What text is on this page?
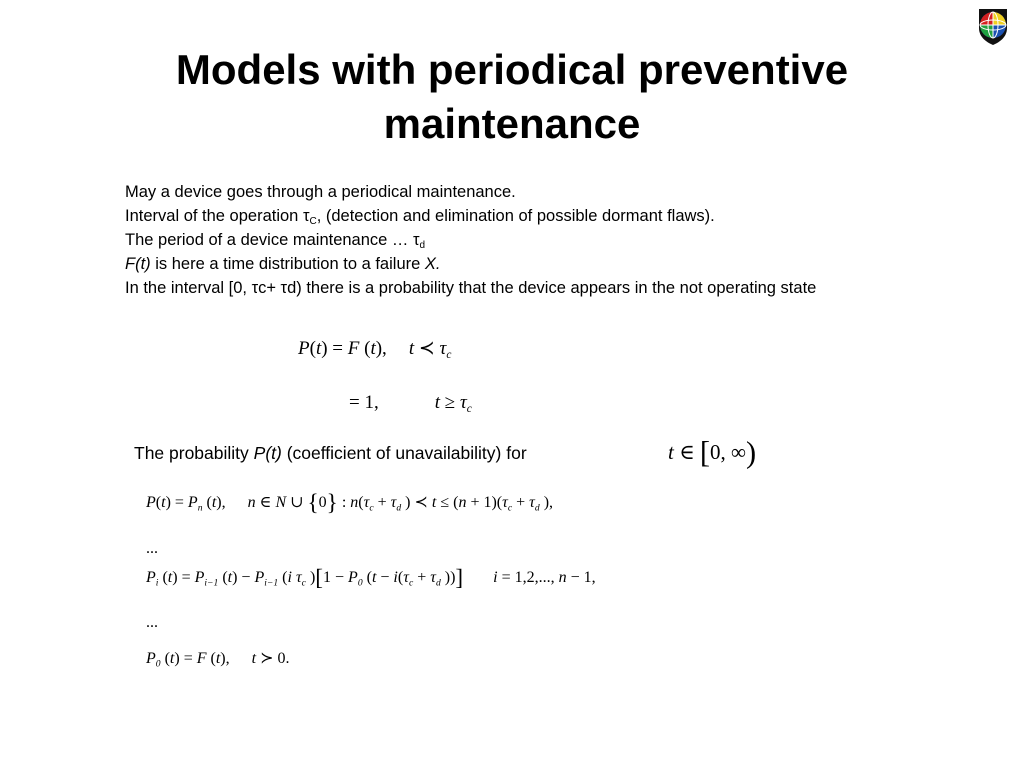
Models with periodical preventive
maintenance
May a device goes through a periodical maintenance.
Interval of the operation $\tau_C$, (detection and elimination of possible dormant flaws).
The period of a device maintenance … $\tau_d$
F(t) is here a time distribution to a failure X.
In the interval [0, τc+ τd) there is a probability that the device appears in the not operating state
P(t) = F (t), t ≺ $\tau_c$
= 1,	$t \ge \tau_c$
The probability P(t) (coefficient of unavailability) for	t ∈ [0, ∞)
$P(t) = P_n$ (t), n ∈ N ∪ {0} : $n(\tau_c + \tau_d$ ) ≺ $t \le (n + 1)(\tau_c + \tau_d$ ),
...
$P_i$ $(t) = P_{i-1}$ $(t) - P_{i-1}$ (i $\tau_c$ )[$1 - P_0$ ($t - i(\tau_c + \tau_d$ ))] i = 1,2,..., n − 1,
...
$P_0$ (t) = F (t), t ≻ 0.
